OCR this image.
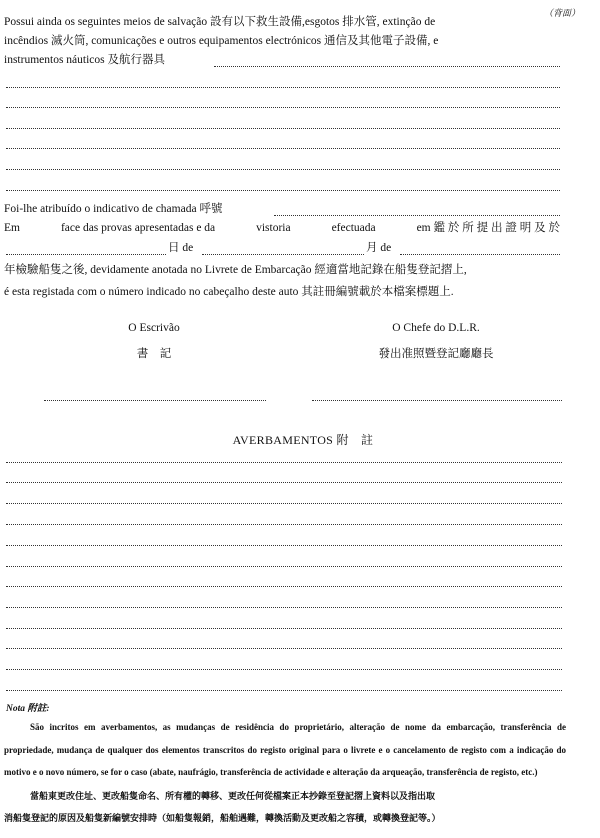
（背面）
Possui ainda os seguintes meios de salvação 設有以下救生設備,esgotos 排水管, extinção de
incêndios 滅火筒, comunicações e outros equipamentos electrónicos 通信及其他電子設備, e
instrumentos náuticos 及航行器具
Foi-lhe atribuído o indicativo de chamada 呼號
Em	face das provas apresentadas e da	vistoria	efectuada	em 鑑 於 所 提 出 證 明 及 於
日 de	月 de
年檢驗船隻之後, devidamente anotada no Livrete de Embarcação 經適當地記錄在船隻登記摺上,
é esta registada com o número indicado no cabeçalho deste auto 其註冊編號載於本檔案標題上.
O Escrivão
書　記
O Chefe do D.L.R.
發出准照暨登記廳廳長
AVERBAMENTOS 附　註
Nota 附註:

São incritos em averbamentos, as mudanças de residência do proprietário, alteração de nome da embarcação, transferência de propriedade, mudança de qualquer dos elementos transcritos do registo original para o livrete e o cancelamento de registo com a indicação do motivo e o novo número, se for o caso (abate, naufrágio, transferência de actividade e alteração da arqueação, transferência de registo, etc.)

當船東更改住址、更改船隻命名、所有權的轉移、更改任何從檔案正本抄錄至登記摺上資料以及指出取

消船隻登記的原因及船隻新編號安排時（如船隻報銷，船舶遇難，轉換活動及更改船之容積，或轉換登記等。）
